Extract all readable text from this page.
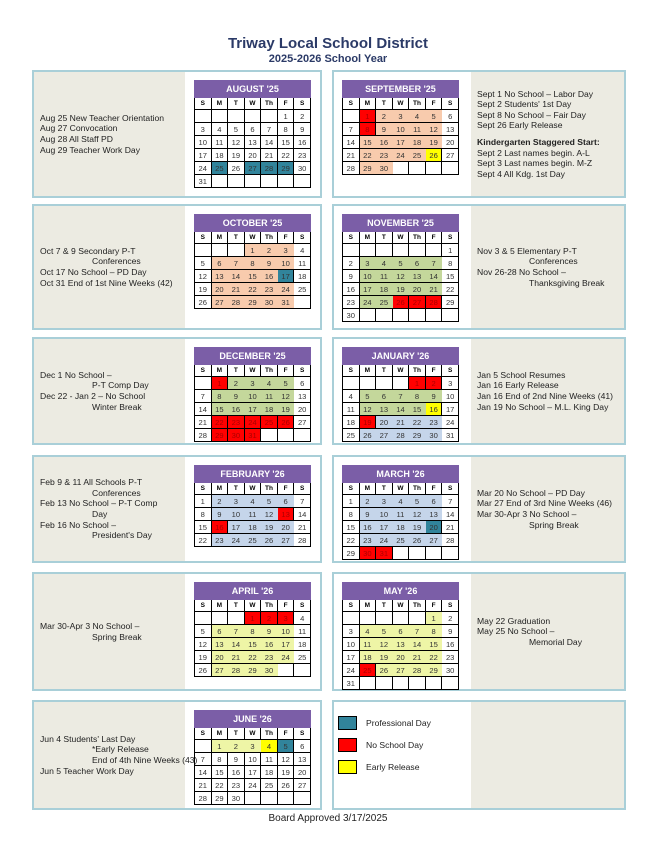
Triway Local School District
2025-2026 School Year
Aug 25 New Teacher Orientation
Aug 27 Convocation
Aug 28 All Staff PD
Aug 29 Teacher Work Day
AUGUST '25						
S	M	T	W	Th	F	S
					1	2
3	4	5	6	7	8	9
10	11	12	13	14	15	16
17	18	19	20	21	22	23
24	25	26	27	28	29	30
31						
Sept 1 No School – Labor Day
Sept 2 Students' 1st Day
Sept 8 No School – Fair Day
Sept 26 Early Release
Kindergarten Staggered Start:
Sept 2 Last names begin. A-L
Sept 3 Last names begin. M-Z
Sept 4 All Kdg. 1st Day
SEPTEMBER '25						
S	M	T	W	Th	F	S
	1	2	3	4	5	6
7	8	9	10	11	12	13
14	15	16	17	18	19	20
21	22	23	24	25	26	27
28	29	30				
Oct 7 & 9 Secondary P-T
Conferences
Oct 17 No School – PD Day
Oct 31 End of 1st Nine Weeks (42)
OCTOBER '25						
S	M	T	W	Th	F	S
			1	2	3	4
5	6	7	8	9	10	11
12	13	14	15	16	17	18
19	20	21	22	23	24	25
26	27	28	29	30	31	
Nov 3 & 5 Elementary P-T
Conferences
Nov 26-28 No School –
Thanksgiving Break
NOVEMBER '25						
S	M	T	W	Th	F	S
						1
2	3	4	5	6	7	8
9	10	11	12	13	14	15
16	17	18	19	20	21	22
23	24	25	26	27	28	29
30						
Dec 1 No School –
P-T Comp Day
Dec 22 - Jan 2 – No School
Winter Break
DECEMBER '25						
S	M	T	W	Th	F	S
	1	2	3	4	5	6
7	8	9	10	11	12	13
14	15	16	17	18	19	20
21	22	23	24	25	26	27
28	29	30	31			
Jan 5 School Resumes
Jan 16 Early Release
Jan 16 End of 2nd Nine Weeks (41)
Jan 19 No School – M.L. King Day
JANUARY '26						
S	M	T	W	Th	F	S
				1	2	3
4	5	6	7	8	9	10
11	12	13	14	15	16	17
18	19	20	21	22	23	24
25	26	27	28	29	30	31
Feb 9 & 11 All Schools P-T
Conferences
Feb 13 No School – P-T Comp
Day
Feb 16 No School –
President's Day
FEBRUARY '26						
S	M	T	W	Th	F	S
1	2	3	4	5	6	7
8	9	10	11	12	13	14
15	16	17	18	19	20	21
22	23	24	25	26	27	28
Mar 20 No School – PD Day
Mar 27 End of 3rd Nine Weeks (46)
Mar 30-Apr 3 No School –
Spring Break
MARCH '26						
S	M	T	W	Th	F	S
1	2	3	4	5	6	7
8	9	10	11	12	13	14
15	16	17	18	19	20	21
22	23	24	25	26	27	28
29	30	31				
Mar 30-Apr 3 No School –
Spring Break
APRIL '26						
S	M	T	W	Th	F	S
			1	2	3	4
5	6	7	8	9	10	11
12	13	14	15	16	17	18
19	20	21	22	23	24	25
26	27	28	29	30		
May 22 Graduation
May 25 No School –
Memorial Day
MAY '26						
S	M	T	W	Th	F	S
					1	2
3	4	5	6	7	8	9
10	11	12	13	14	15	16
17	18	19	20	21	22	23
24	25	26	27	28	29	30
31						
Jun 4 Students' Last Day
*Early Release
End of 4th Nine Weeks (43)
Jun 5 Teacher Work Day
JUNE '26						
S	M	T	W	Th	F	S
	1	2	3	4	5	6
7	8	9	10	11	12	13
14	15	16	17	18	19	20
21	22	23	24	25	26	27
28	29	30				
Professional Day
No School Day
Early Release
Board Approved 3/17/2025
